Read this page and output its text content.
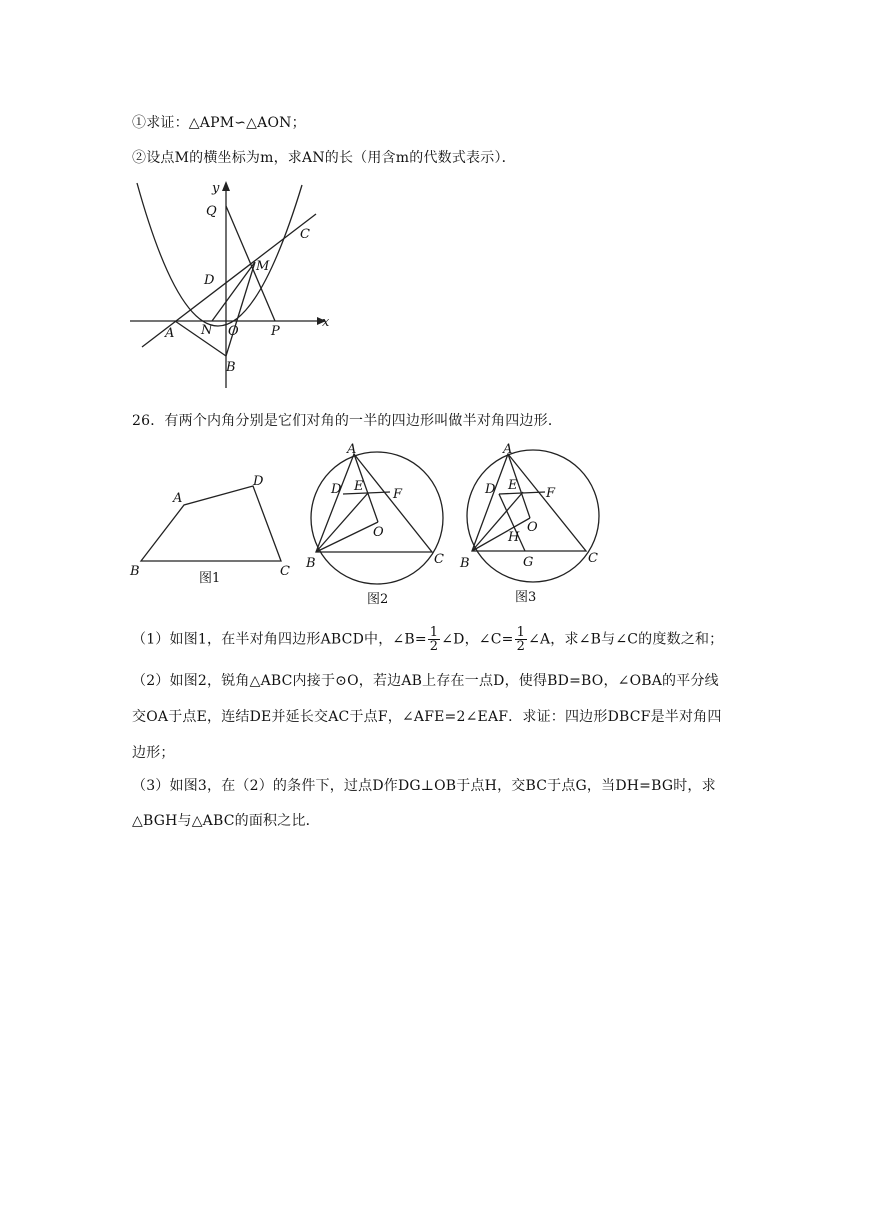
①求证：△APM∽△AON；
②设点M的横坐标为m，求AN的长（用含m的代数式表示）．
y
x
Q
C
M
D
A N O P
B
26．有两个内角分别是它们对角的一半的四边形叫做半对角四边形．
A
D
B	C
图1
A
D E
F
O
B	C
图2
A
D E
F
O
H
G
B	C
图3
（1）如图1，在半对角四边形ABCD中，∠B= $\frac{1}{2}$ ∠D，∠C= $\frac{1}{2}$ ∠A，求∠B与∠C的度数之和；
（2）如图2，锐角△ABC内接于⊙O，若边AB上存在一点D，使得BD=BO，∠OBA的平分线
交OA于点E，连结DE并延长交AC于点F，∠AFE=2∠EAF．求证：四边形DBCF是半对角四
边形；
（3）如图3，在（2）的条件下，过点D作DG⊥OB于点H，交BC于点G，当DH=BG时，求
△BGH与△ABC的面积之比．
